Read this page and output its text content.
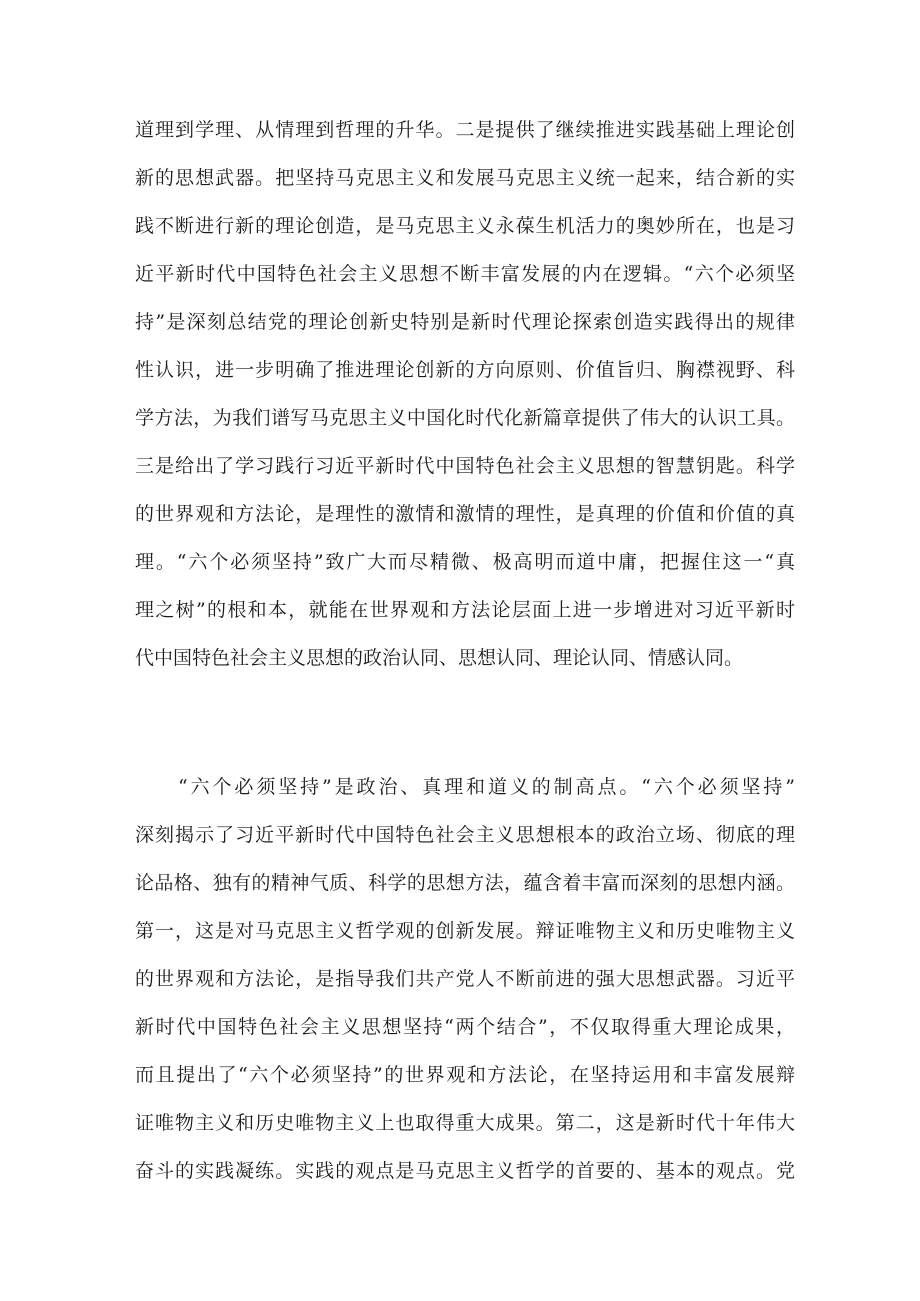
道理到学理、从情理到哲理的升华。二是提供了继续推进实践基础上理论创
新的思想武器。把坚持马克思主义和发展马克思主义统一起来，结合新的实
践不断进行新的理论创造，是马克思主义永葆生机活力的奥妙所在，也是习
近平新时代中国特色社会主义思想不断丰富发展的内在逻辑。“六个必须坚
持”是深刻总结党的理论创新史特别是新时代理论探索创造实践得出的规律
性认识，进一步明确了推进理论创新的方向原则、价值旨归、胸襟视野、科
学方法，为我们谱写马克思主义中国化时代化新篇章提供了伟大的认识工具。
三是给出了学习践行习近平新时代中国特色社会主义思想的智慧钥匙。科学
的世界观和方法论，是理性的激情和激情的理性，是真理的价值和价值的真
理。“六个必须坚持”致广大而尽精微、极高明而道中庸，把握住这一“真
理之树”的根和本，就能在世界观和方法论层面上进一步增进对习近平新时
代中国特色社会主义思想的政治认同、思想认同、理论认同、情感认同。
“六个必须坚持”是政治、真理和道义的制高点。“六个必须坚持”
深刻揭示了习近平新时代中国特色社会主义思想根本的政治立场、彻底的理
论品格、独有的精神气质、科学的思想方法，蕴含着丰富而深刻的思想内涵。
第一，这是对马克思主义哲学观的创新发展。辩证唯物主义和历史唯物主义
的世界观和方法论，是指导我们共产党人不断前进的强大思想武器。习近平
新时代中国特色社会主义思想坚持“两个结合”，不仅取得重大理论成果，
而且提出了“六个必须坚持”的世界观和方法论，在坚持运用和丰富发展辩
证唯物主义和历史唯物主义上也取得重大成果。第二，这是新时代十年伟大
奋斗的实践凝练。实践的观点是马克思主义哲学的首要的、基本的观点。党
